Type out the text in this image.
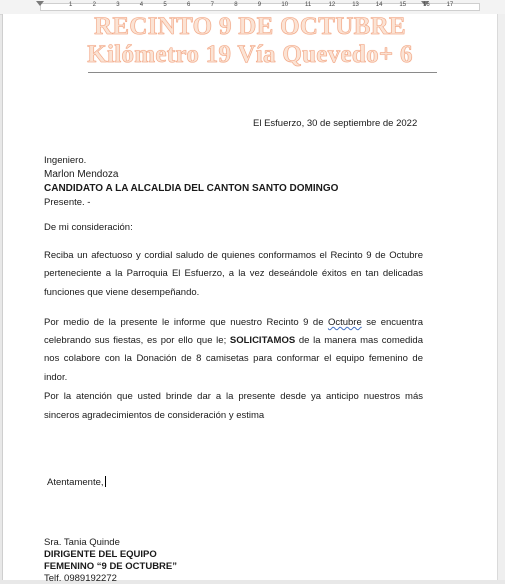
1	2	3	4	5	6	7	8	9	10	11	12	13	14	15	16	17
RECINTO 9 DE OCTUBRE
Kilómetro 19 Vía Quevedo+ 6
El Esfuerzo, 30 de septiembre de 2022
Ingeniero.
Marlon Mendoza
CANDIDATO A LA ALCALDIA DEL CANTON SANTO DOMINGO
Presente. -
De mi consideración:
Reciba un afectuoso y cordial saludo de quienes conformamos el Recinto 9 de Octubre
perteneciente a la Parroquia El Esfuerzo, a la vez deseándole éxitos en tan delicadas
funciones que viene desempeñando.
Por medio de la presente le informe que nuestro Recinto 9 de Octubre se encuentra
celebrando sus fiestas, es por ello que le; SOLICITAMOS de la manera mas comedida
nos colabore con la Donación de 8 camisetas para conformar el equipo femenino de
indor.
Por la atención que usted brinde dar a la presente desde ya anticipo nuestros más
sinceros agradecimientos de consideración y estima
Atentamente,
Sra. Tania Quinde
DIRIGENTE DEL EQUIPO
FEMENINO “9 DE OCTUBRE”
Telf. 0989192272
